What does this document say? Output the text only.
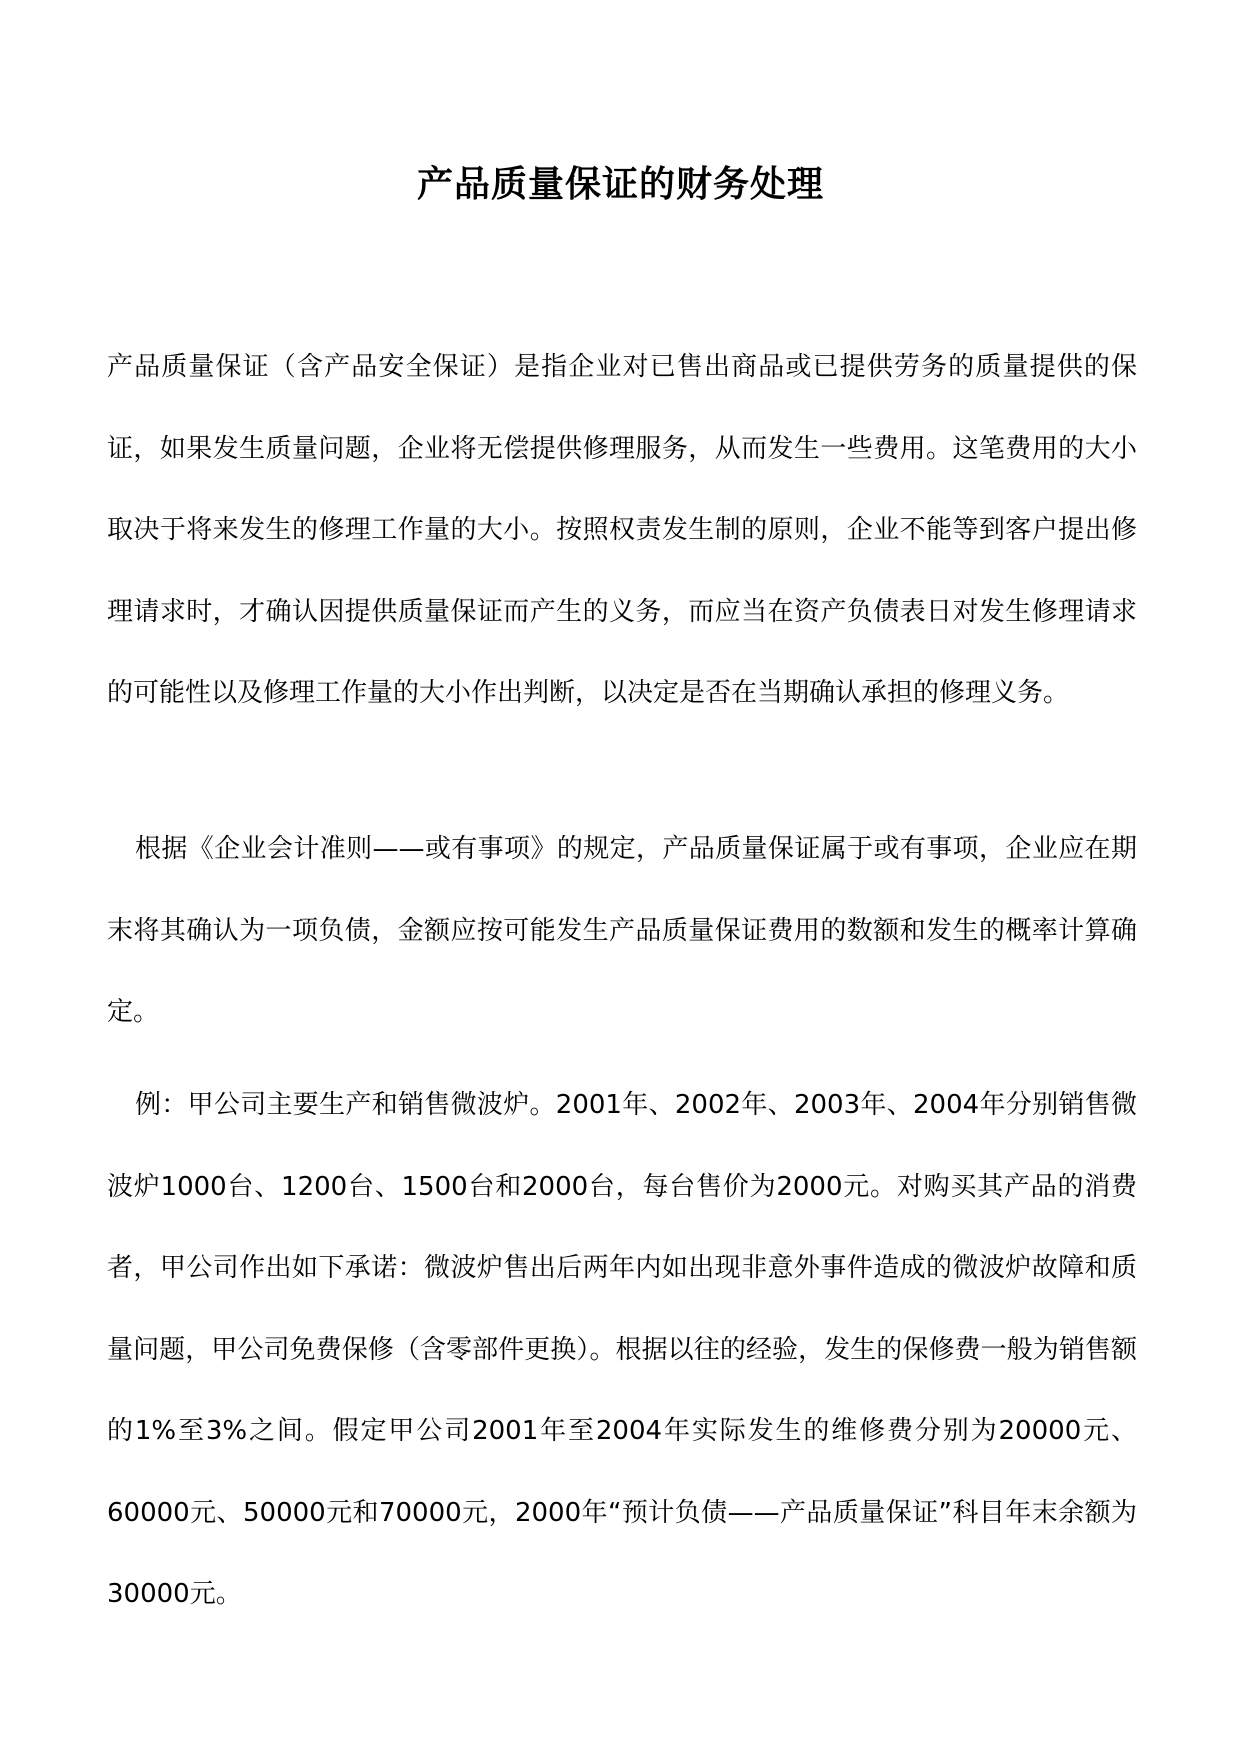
产品质量保证的财务处理

产品质量保证（含产品安全保证）是指企业对已售出商品或已提供劳务的质量提供的保证，如果发生质量问题，企业将无偿提供修理服务，从而发生一些费用。这笔费用的大小取决于将来发生的修理工作量的大小。按照权责发生制的原则，企业不能等到客户提出修理请求时，才确认因提供质量保证而产生的义务，而应当在资产负债表日对发生修理请求的可能性以及修理工作量的大小作出判断，以决定是否在当期确认承担的修理义务。

根据《企业会计准则——或有事项》的规定，产品质量保证属于或有事项，企业应在期末将其确认为一项负债，金额应按可能发生产品质量保证费用的数额和发生的概率计算确定。

例：甲公司主要生产和销售微波炉。2001年、2002年、2003年、2004年分别销售微波炉1000台、1200台、1500台和2000台，每台售价为2000元。对购买其产品的消费者，甲公司作出如下承诺：微波炉售出后两年内如出现非意外事件造成的微波炉故障和质量问题，甲公司免费保修（含零部件更换）。根据以往的经验，发生的保修费一般为销售额的1%至3%之间。假定甲公司2001年至2004年实际发生的维修费分别为20000元、60000元、50000元和70000元，2000年“预计负债——产品质量保证”科目年末余额为30000元。
